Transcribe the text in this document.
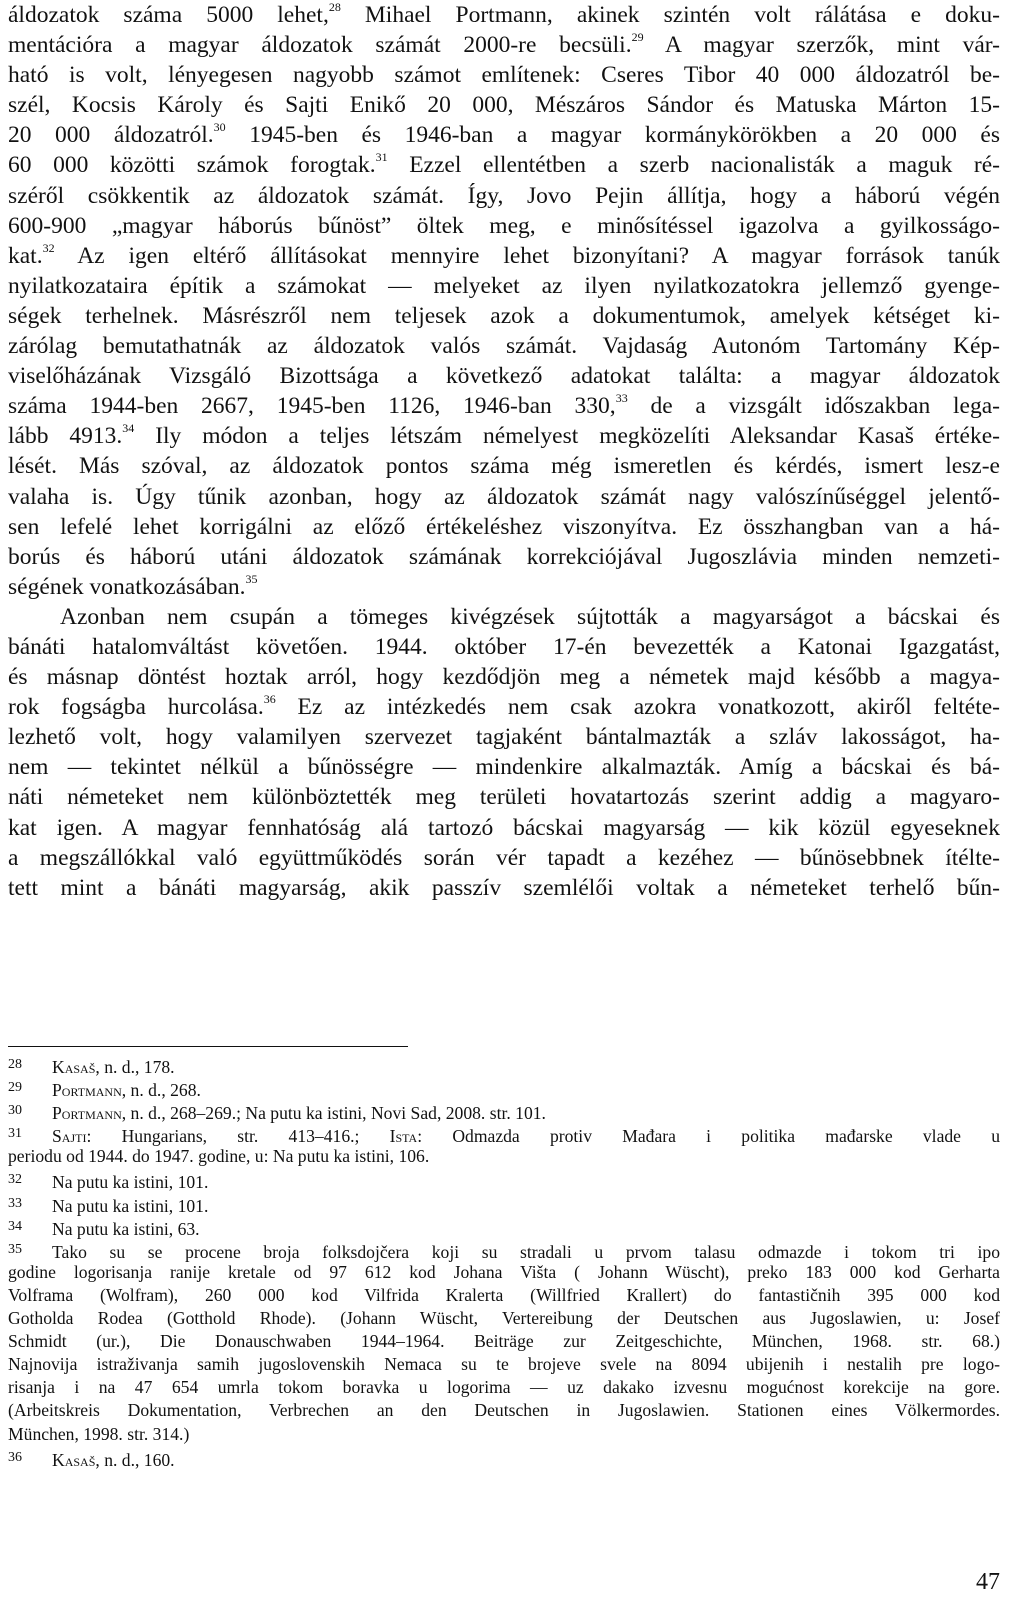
áldozatok száma 5000 lehet,$^{28}$ Mihael Portmann, akinek szintén volt rálátása e doku-
mentációra a magyar áldozatok számát 2000-re becsüli.$^{29}$ A magyar szerzők, mint vár-
ható is volt, lényegesen nagyobb számot említenek: Cseres Tibor 40 000 áldozatról be-
szél, Kocsis Károly és Sajti Enikő 20 000, Mészáros Sándor és Matuska Márton 15-
20 000 áldozatról.$^{30}$ 1945-ben és 1946-ban a magyar kormánykörökben a 20 000 és
60 000 közötti számok forogtak.$^{31}$ Ezzel ellentétben a szerb nacionalisták a maguk ré-
széről csökkentik az áldozatok számát. Így, Jovo Pejin állítja, hogy a háború végén
600-900 „magyar háborús bűnöst” öltek meg, e minősítéssel igazolva a gyilkosságo-
kat.$^{32}$ Az igen eltérő állításokat mennyire lehet bizonyítani? A magyar források tanúk
nyilatkozataira építik a számokat — melyeket az ilyen nyilatkozatokra jellemző gyenge-
ségek terhelnek. Másrészről nem teljesek azok a dokumentumok, amelyek kétséget ki-
zárólag bemutathatnák az áldozatok valós számát. Vajdaság Autonóm Tartomány Kép-
viselőházának Vizsgáló Bizottsága a következő adatokat találta: a magyar áldozatok
száma 1944-ben 2667, 1945-ben 1126, 1946-ban 330,33 de a vizsgált időszakban lega-
lább 4913.34 Ily módon a teljes létszám némelyest megközelíti Aleksandar Kasaš értéke-
lését. Más szóval, az áldozatok pontos száma még ismeretlen és kérdés, ismert lesz-e
valaha is. Úgy tűnik azonban, hogy az áldozatok számát nagy valószínűséggel jelentő-
sen lefelé lehet korrigálni az előző értékeléshez viszonyítva. Ez összhangban van a há-
borús és háború utáni áldozatok számának korrekciójával Jugoszlávia minden nemzeti-
ségének vonatkozásában.$^{35}$
Azonban nem csupán a tömeges kivégzések sújtották a magyarságot a bácskai és
bánáti hatalomváltást követően. 1944. október 17-én bevezették a Katonai Igazgatást,
és másnap döntést hoztak arról, hogy kezdődjön meg a németek majd később a magya-
rok fogságba hurcolása.$^{36}$ Ez az intézkedés nem csak azokra vonatkozott, akiről feltéte-
lezhető volt, hogy valamilyen szervezet tagjaként bántalmazták a szláv lakosságot, ha-
nem — tekintet nélkül a bűnösségre — mindenkire alkalmazták. Amíg a bácskai és bá-
náti németeket nem különböztették meg területi hovatartozás szerint addig a magyaro-
kat igen. A magyar fennhatóság alá tartozó bácskai magyarság — kik közül egyeseknek
a megszállókkal való együttműködés során vér tapadt a kezéhez — bűnösebbnek ítélte-
tett mint a bánáti magyarság, akik passzív szemlélői voltak a németeket terhelő bűn-
28 Kasaš, n. d., 178.
29 Portmann, n. d., 268.
30 Portmann, n. d., 268–269.; Na putu ka istini, Novi Sad, 2008. str. 101.
31 Sajti: Hungarians, str. 413–416.; Ista: Odmazda protiv Mađara i politika mađarske vlade u
periodu od 1944. do 1947. godine, u: Na putu ka istini, 106.
32 Na putu ka istini, 101.
33 Na putu ka istini, 101.
34 Na putu ka istini, 63.
35 Tako su se procene broja folksdojčera koji su stradali u prvom talasu odmazde i tokom tri ipo
godine logorisanja ranije kretale od 97 612 kod Johana Višta ( Johann Wüscht), preko 183 000 kod Gerharta
Volframa (Wolfram), 260 000 kod Vilfrida Kralerta (Willfried Krallert) do fantastičnih 395 000 kod
Gotholda Rodea (Gotthold Rhode). (Johann Wüscht, Vertereibung der Deutschen aus Jugoslawien, u: Josef
Schmidt (ur.), Die Donauschwaben 1944–1964. Beiträge zur Zeitgeschichte, München, 1968. str. 68.)
Najnovija istraživanja samih jugoslovenskih Nemaca su te brojeve svele na 8094 ubijenih i nestalih pre logo-
risanja i na 47 654 umrla tokom boravka u logorima — uz dakako izvesnu mogućnost korekcije na gore.
(Arbeitskreis Dokumentation, Verbrechen an den Deutschen in Jugoslawien. Stationen eines Völkermordes.
München, 1998. str. 314.)
36 Kasaš, n. d., 160.
47
